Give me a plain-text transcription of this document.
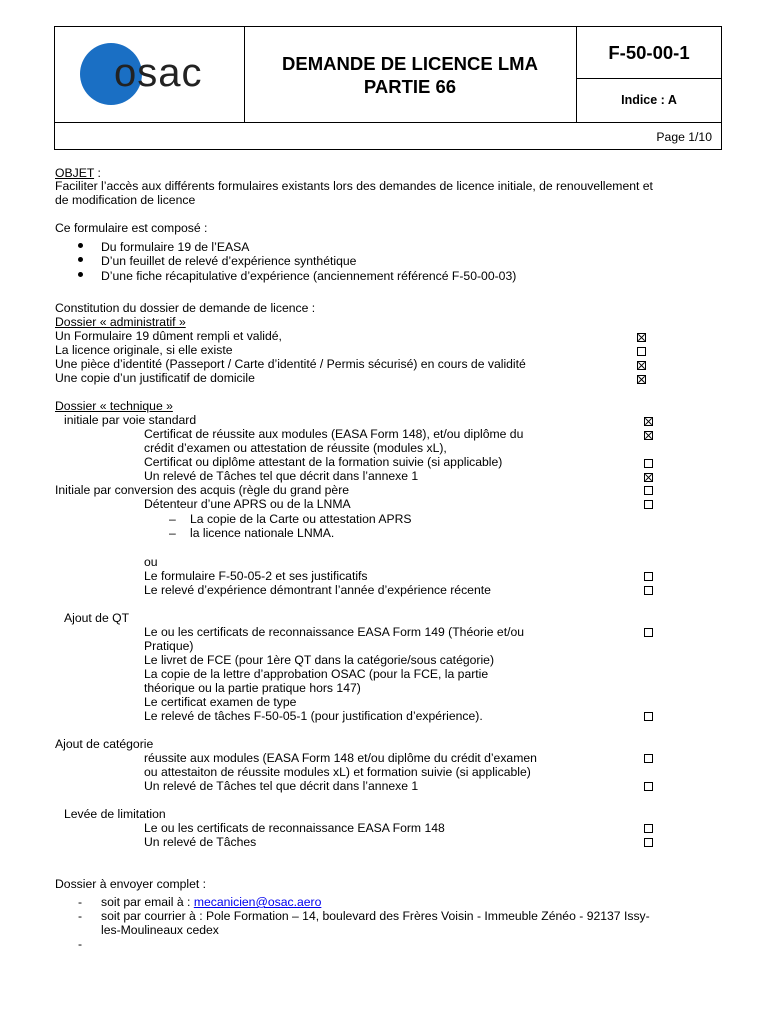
osac	DEMANDE DE LICENCE LMA
PARTIE 66
F-50-00-1
Indice : A
Page 1/10
OBJET :
Faciliter l’accès aux différents formulaires existants lors des demandes de licence initiale, de renouvellement et
de modification de licence
Ce formulaire est composé :
Du formulaire 19 de l’EASA
D’un feuillet de relevé d’expérience synthétique
D’une fiche récapitulative d’expérience (anciennement référencé F-50-00-03)
Constitution du dossier de demande de licence :
Dossier « administratif »
Un Formulaire 19 dûment rempli et validé,
La licence originale, si elle existe
Une pièce d’identité (Passeport / Carte d’identité / Permis sécurisé) en cours de validité
Une copie d’un justificatif de domicile
Dossier « technique »
initiale par voie standard
Certificat de réussite aux modules (EASA Form 148), et/ou diplôme du
crédit d’examen ou attestation de réussite (modules xL),
Certificat ou diplôme attestant de la formation suivie (si applicable)
Un relevé de Tâches tel que décrit dans l’annexe 1
Initiale par conversion des acquis (règle du grand père
Détenteur d’une APRS ou de la LNMA
– La copie de la Carte ou attestation APRS
– la licence nationale LNMA.
ou
Le formulaire F-50-05-2 et ses justificatifs
Le relevé d’expérience démontrant l’année d’expérience récente
Ajout de QT
Le ou les certificats de reconnaissance EASA Form 149 (Théorie et/ou
Pratique)
Le livret de FCE (pour 1ère QT dans la catégorie/sous catégorie)
La copie de la lettre d’approbation OSAC (pour la FCE, la partie
théorique ou la partie pratique hors 147)
Le certificat examen de type
Le relevé de tâches F-50-05-1 (pour justification d’expérience).
Ajout de catégorie
réussite aux modules (EASA Form 148 et/ou diplôme du crédit d’examen
ou attestaiton de réussite modules xL) et formation suivie (si applicable)
Un relevé de Tâches tel que décrit dans l’annexe 1
Levée de limitation
Le ou les certificats de reconnaissance EASA Form 148
Un relevé de Tâches
Dossier à envoyer complet :
- soit par email à : mecanicien@osac.aero
- soit par courrier à : Pole Formation – 14, boulevard des Frères Voisin - Immeuble Zénéo - 92137 Issy-
les-Moulineaux cedex
-
